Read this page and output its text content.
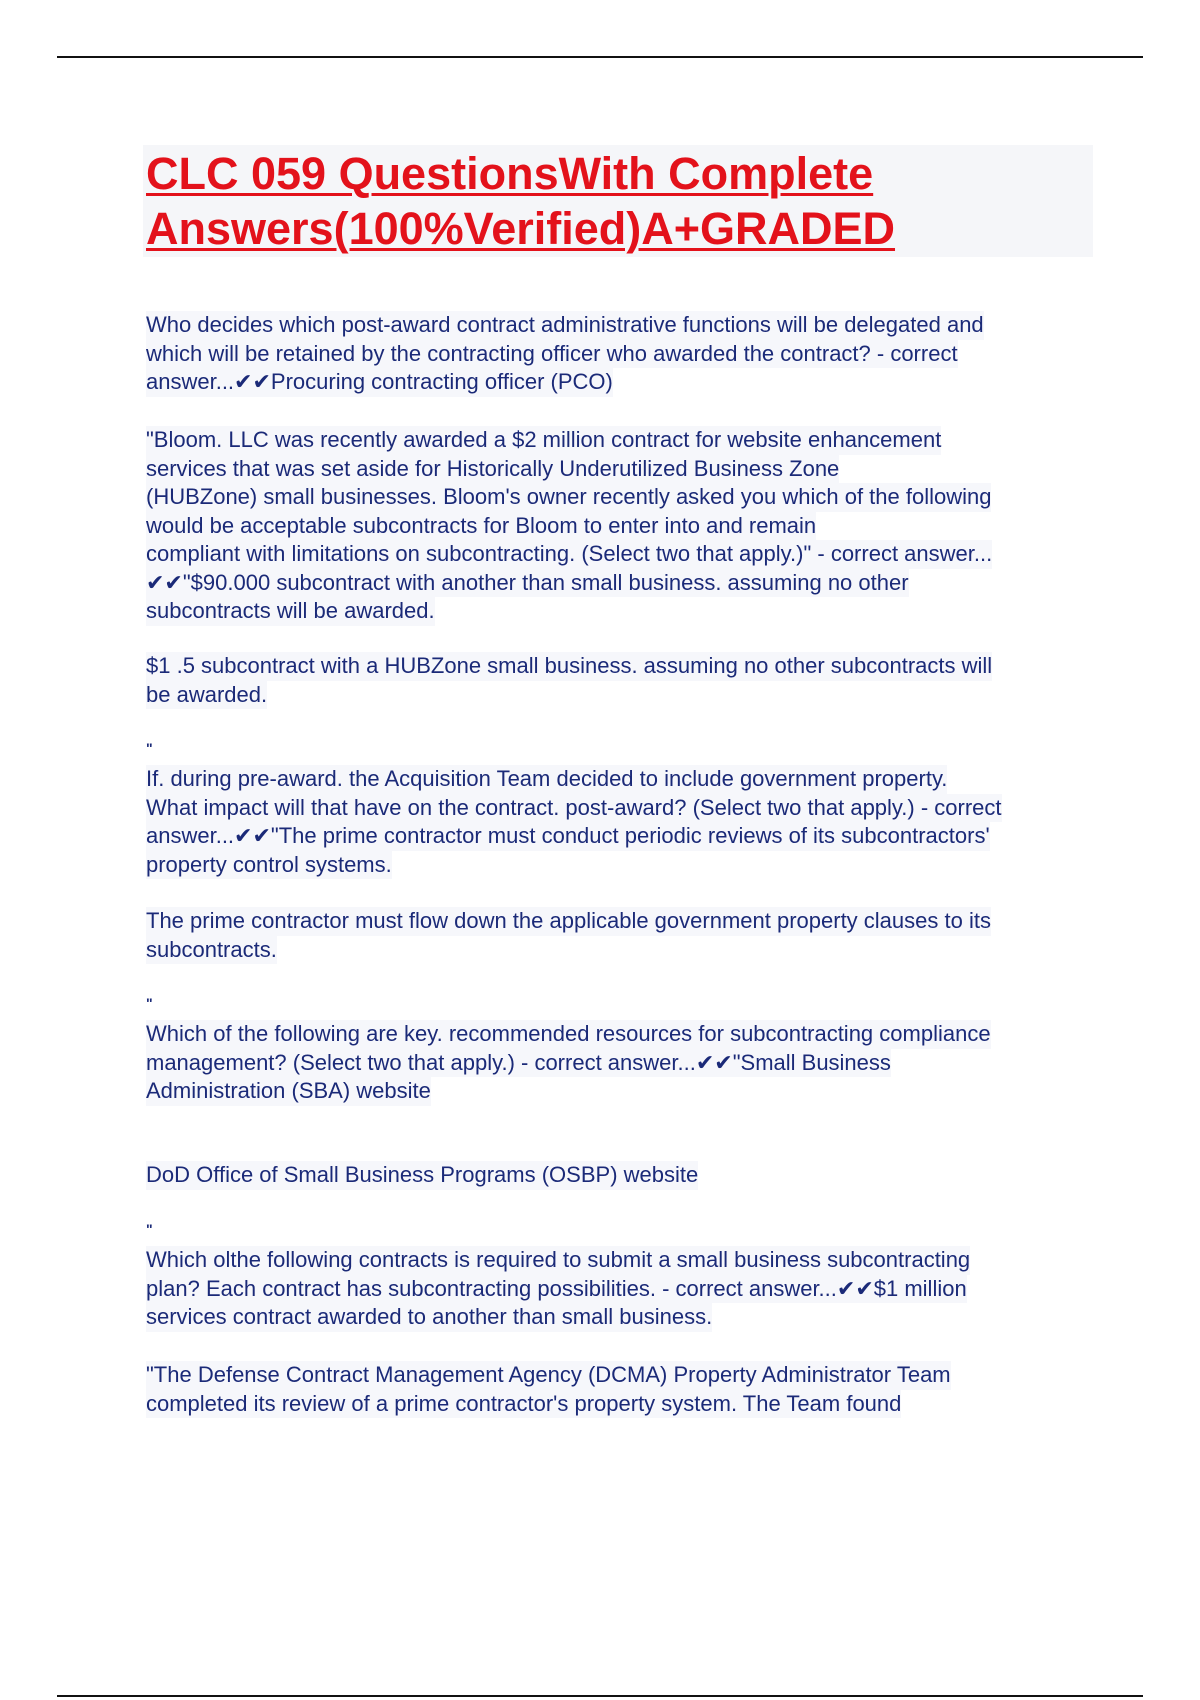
CLC 059 QuestionsWith Complete
Answers(100%Verified)A+GRADED
Who decides which post-award contract administrative functions will be delegated and
which will be retained by the contracting officer who awarded the contract? - correct
answer...✔✔Procuring contracting officer (PCO)
"Bloom. LLC was recently awarded a $2 million contract for website enhancement
services that was set aside for Historically Underutilized Business Zone
(HUBZone) small businesses. Bloom's owner recently asked you which of the following
would be acceptable subcontracts for Bloom to enter into and remain
compliant with limitations on subcontracting. (Select two that apply.)" - correct answer...
✔✔"$90.000 subcontract with another than small business. assuming no other
subcontracts will be awarded.
$1 .5 subcontract with a HUBZone small business. assuming no other subcontracts will
be awarded.
"
If. during pre-award. the Acquisition Team decided to include government property.
What impact will that have on the contract. post-award? (Select two that apply.) - correct
answer...✔✔"The prime contractor must conduct periodic reviews of its subcontractors'
property control systems.
The prime contractor must flow down the applicable government property clauses to its
subcontracts.
"
Which of the following are key. recommended resources for subcontracting compliance
management? (Select two that apply.) - correct answer...✔✔"Small Business
Administration (SBA) website
DoD Office of Small Business Programs (OSBP) website
"
Which olthe following contracts is required to submit a small business subcontracting
plan? Each contract has subcontracting possibilities. - correct answer...✔✔$1 million
services contract awarded to another than small business.
"The Defense Contract Management Agency (DCMA) Property Administrator Team
completed its review of a prime contractor's property system. The Team found
